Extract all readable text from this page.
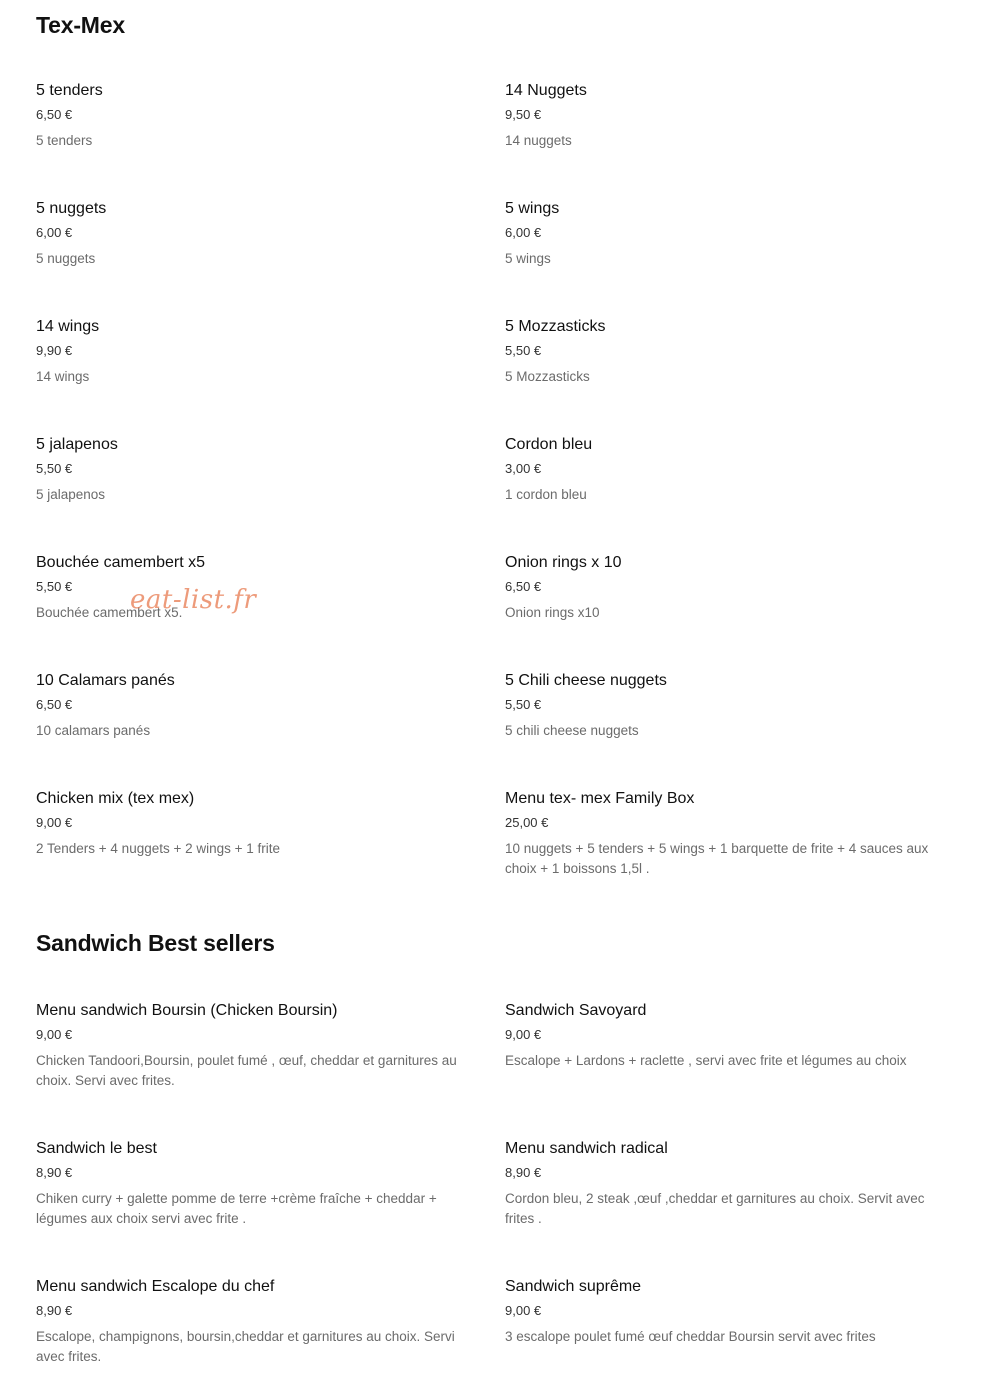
Tex-Mex
5 tenders
6,50 €
5 tenders
14 Nuggets
9,50 €
14 nuggets
5 nuggets
6,00 €
5 nuggets
5 wings
6,00 €
5 wings
14 wings
9,90 €
14 wings
5 Mozzasticks
5,50 €
5 Mozzasticks
5 jalapenos
5,50 €
5 jalapenos
Cordon bleu
3,00 €
1 cordon bleu
Bouchée camembert x5
5,50 €
Bouchée camembert x5.
Onion rings x 10
6,50 €
Onion rings x10
10 Calamars panés
6,50 €
10 calamars panés
5 Chili cheese nuggets
5,50 €
5 chili cheese nuggets
Chicken mix (tex mex)
9,00 €
2 Tenders + 4 nuggets + 2 wings + 1 frite
Menu tex- mex Family Box
25,00 €
10 nuggets + 5 tenders + 5 wings + 1 barquette de frite + 4 sauces aux choix + 1 boissons 1,5l .
Sandwich Best sellers
Menu sandwich Boursin (Chicken Boursin)
9,00 €
Chicken Tandoori,Boursin, poulet fumé , œuf, cheddar et garnitures au choix. Servi avec frites.
Sandwich Savoyard
9,00 €
Escalope + Lardons + raclette , servi avec frite et légumes au choix
Sandwich le best
8,90 €
Chiken curry + galette pomme de terre +crème fraîche + cheddar + légumes aux choix servi avec frite .
Menu sandwich radical
8,90 €
Cordon bleu, 2 steak ,œuf ,cheddar et garnitures au choix. Servit avec frites .
Menu sandwich Escalope du chef
8,90 €
Escalope, champignons, boursin,cheddar et garnitures au choix. Servi avec frites.
Sandwich suprême
9,00 €
3 escalope poulet fumé œuf cheddar Boursin servit avec frites
eat-list.fr
